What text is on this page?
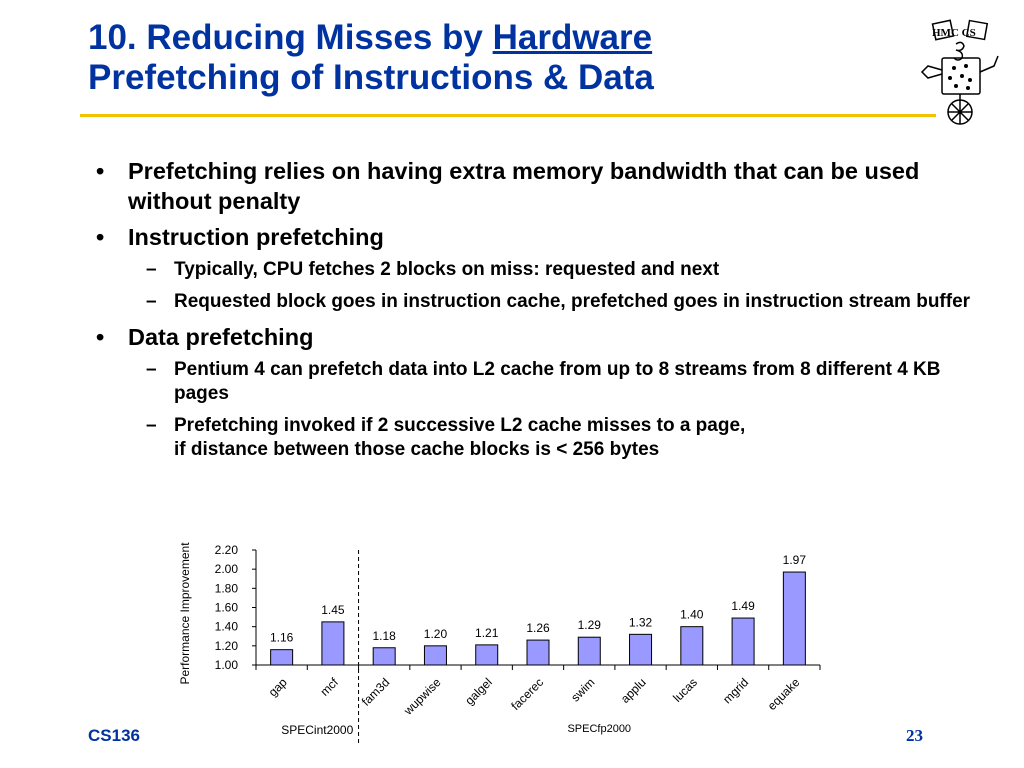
10. Reducing Misses by Hardware
Prefetching of Instructions & Data
HMC CS
• Prefetching relies on having extra memory bandwidth that can be used without penalty
• Instruction prefetching
– Typically, CPU fetches 2 blocks on miss: requested and next
– Requested block goes in instruction cache, prefetched goes in instruction stream buffer
• Data prefetching
– Pentium 4 can prefetch data into L2 cache from up to 8 streams from 8 different 4 KB pages
– Prefetching invoked if 2 successive L2 cache misses to a page,
if distance between those cache blocks is < 256 bytes
1.00
1.20
1.40
1.60
1.80
2.00
2.20
Performance Improvement	1.16
gap
1.45
mcf
1.18
fam3d
1.20
wupwise
1.21
galgel
1.26
facerec
1.29
swim
1.32
applu
1.40
lucas
1.49
mgrid
1.97
equake
SPECint2000	SPECfp2000
CS136	23
